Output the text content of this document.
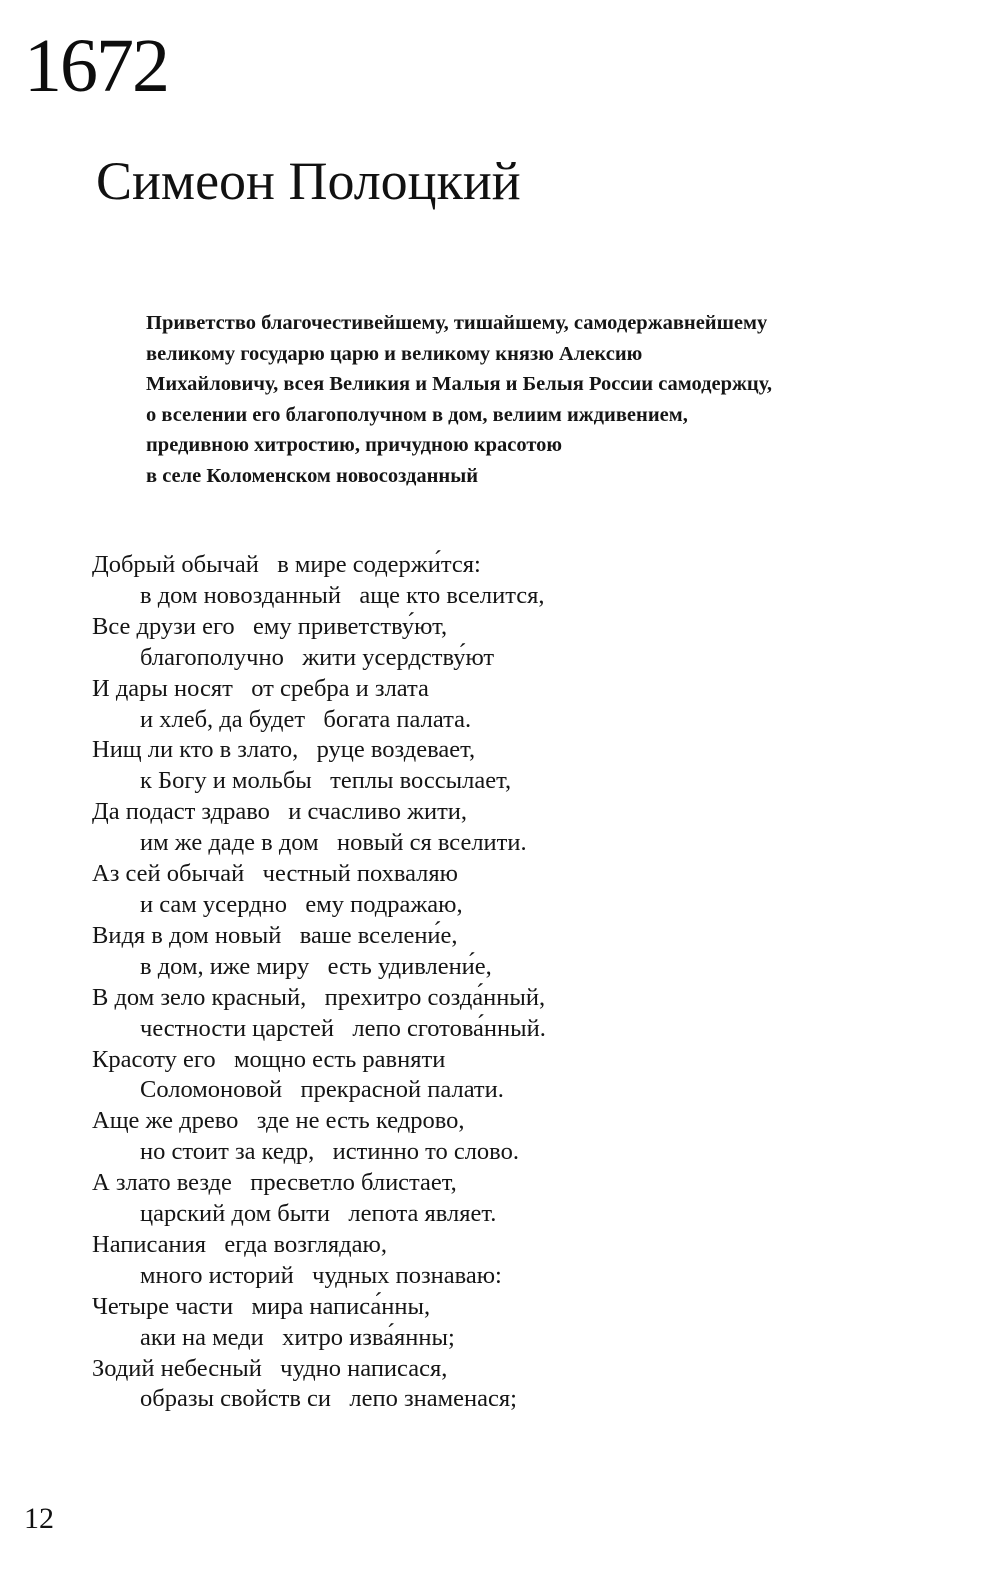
1672
Симеон Полоцкий
Приветство благочестивейшему, тишайшему, самодержавнейшему
великому государю царю и великому князю Алексию
Михайловичу, всея Великия и Малыя и Белыя России самодержцу,
о вселении его благополучном в дом, велиим иждивением,
предивною хитростию, причудною красотою
в селе Коломенском новосозданный
Добрый обычай   в мире содержи́тся:
в дом новозданный   аще кто вселится,
Все друзи его   ему приветству́ют,
благополучно   жити усердству́ют
И дары носят   от сребра и злата
и хлеб, да будет   богата палата.
Нищ ли кто в злато,   руце воздевает,
к Богу и мольбы   теплы воссылает,
Да подаст здраво   и счасливо жити,
им же даде в дом   новый ся вселити.
Аз сей обычай   честный похваляю
и сам усердно   ему подражаю,
Видя в дом новый   ваше вселени́е,
в дом, иже миру   есть удивлени́е,
В дом зело красный,   прехитро созда́нный,
честности царстей   лепо сготова́нный.
Красоту его   мощно есть равняти
Соломоновой   прекрасной палати.
Аще же древо   зде не есть кедрово,
но стоит за кедр,   истинно то слово.
А злато везде   пресветло блистает,
царский дом быти   лепота являет.
Написания   егда возглядаю,
много историй   чудных познаваю:
Четыре части   мира написа́нны,
аки на меди   хитро изва́янны;
Зодий небесный   чудно написася,
образы свойств си   лепо знаменася;
12
